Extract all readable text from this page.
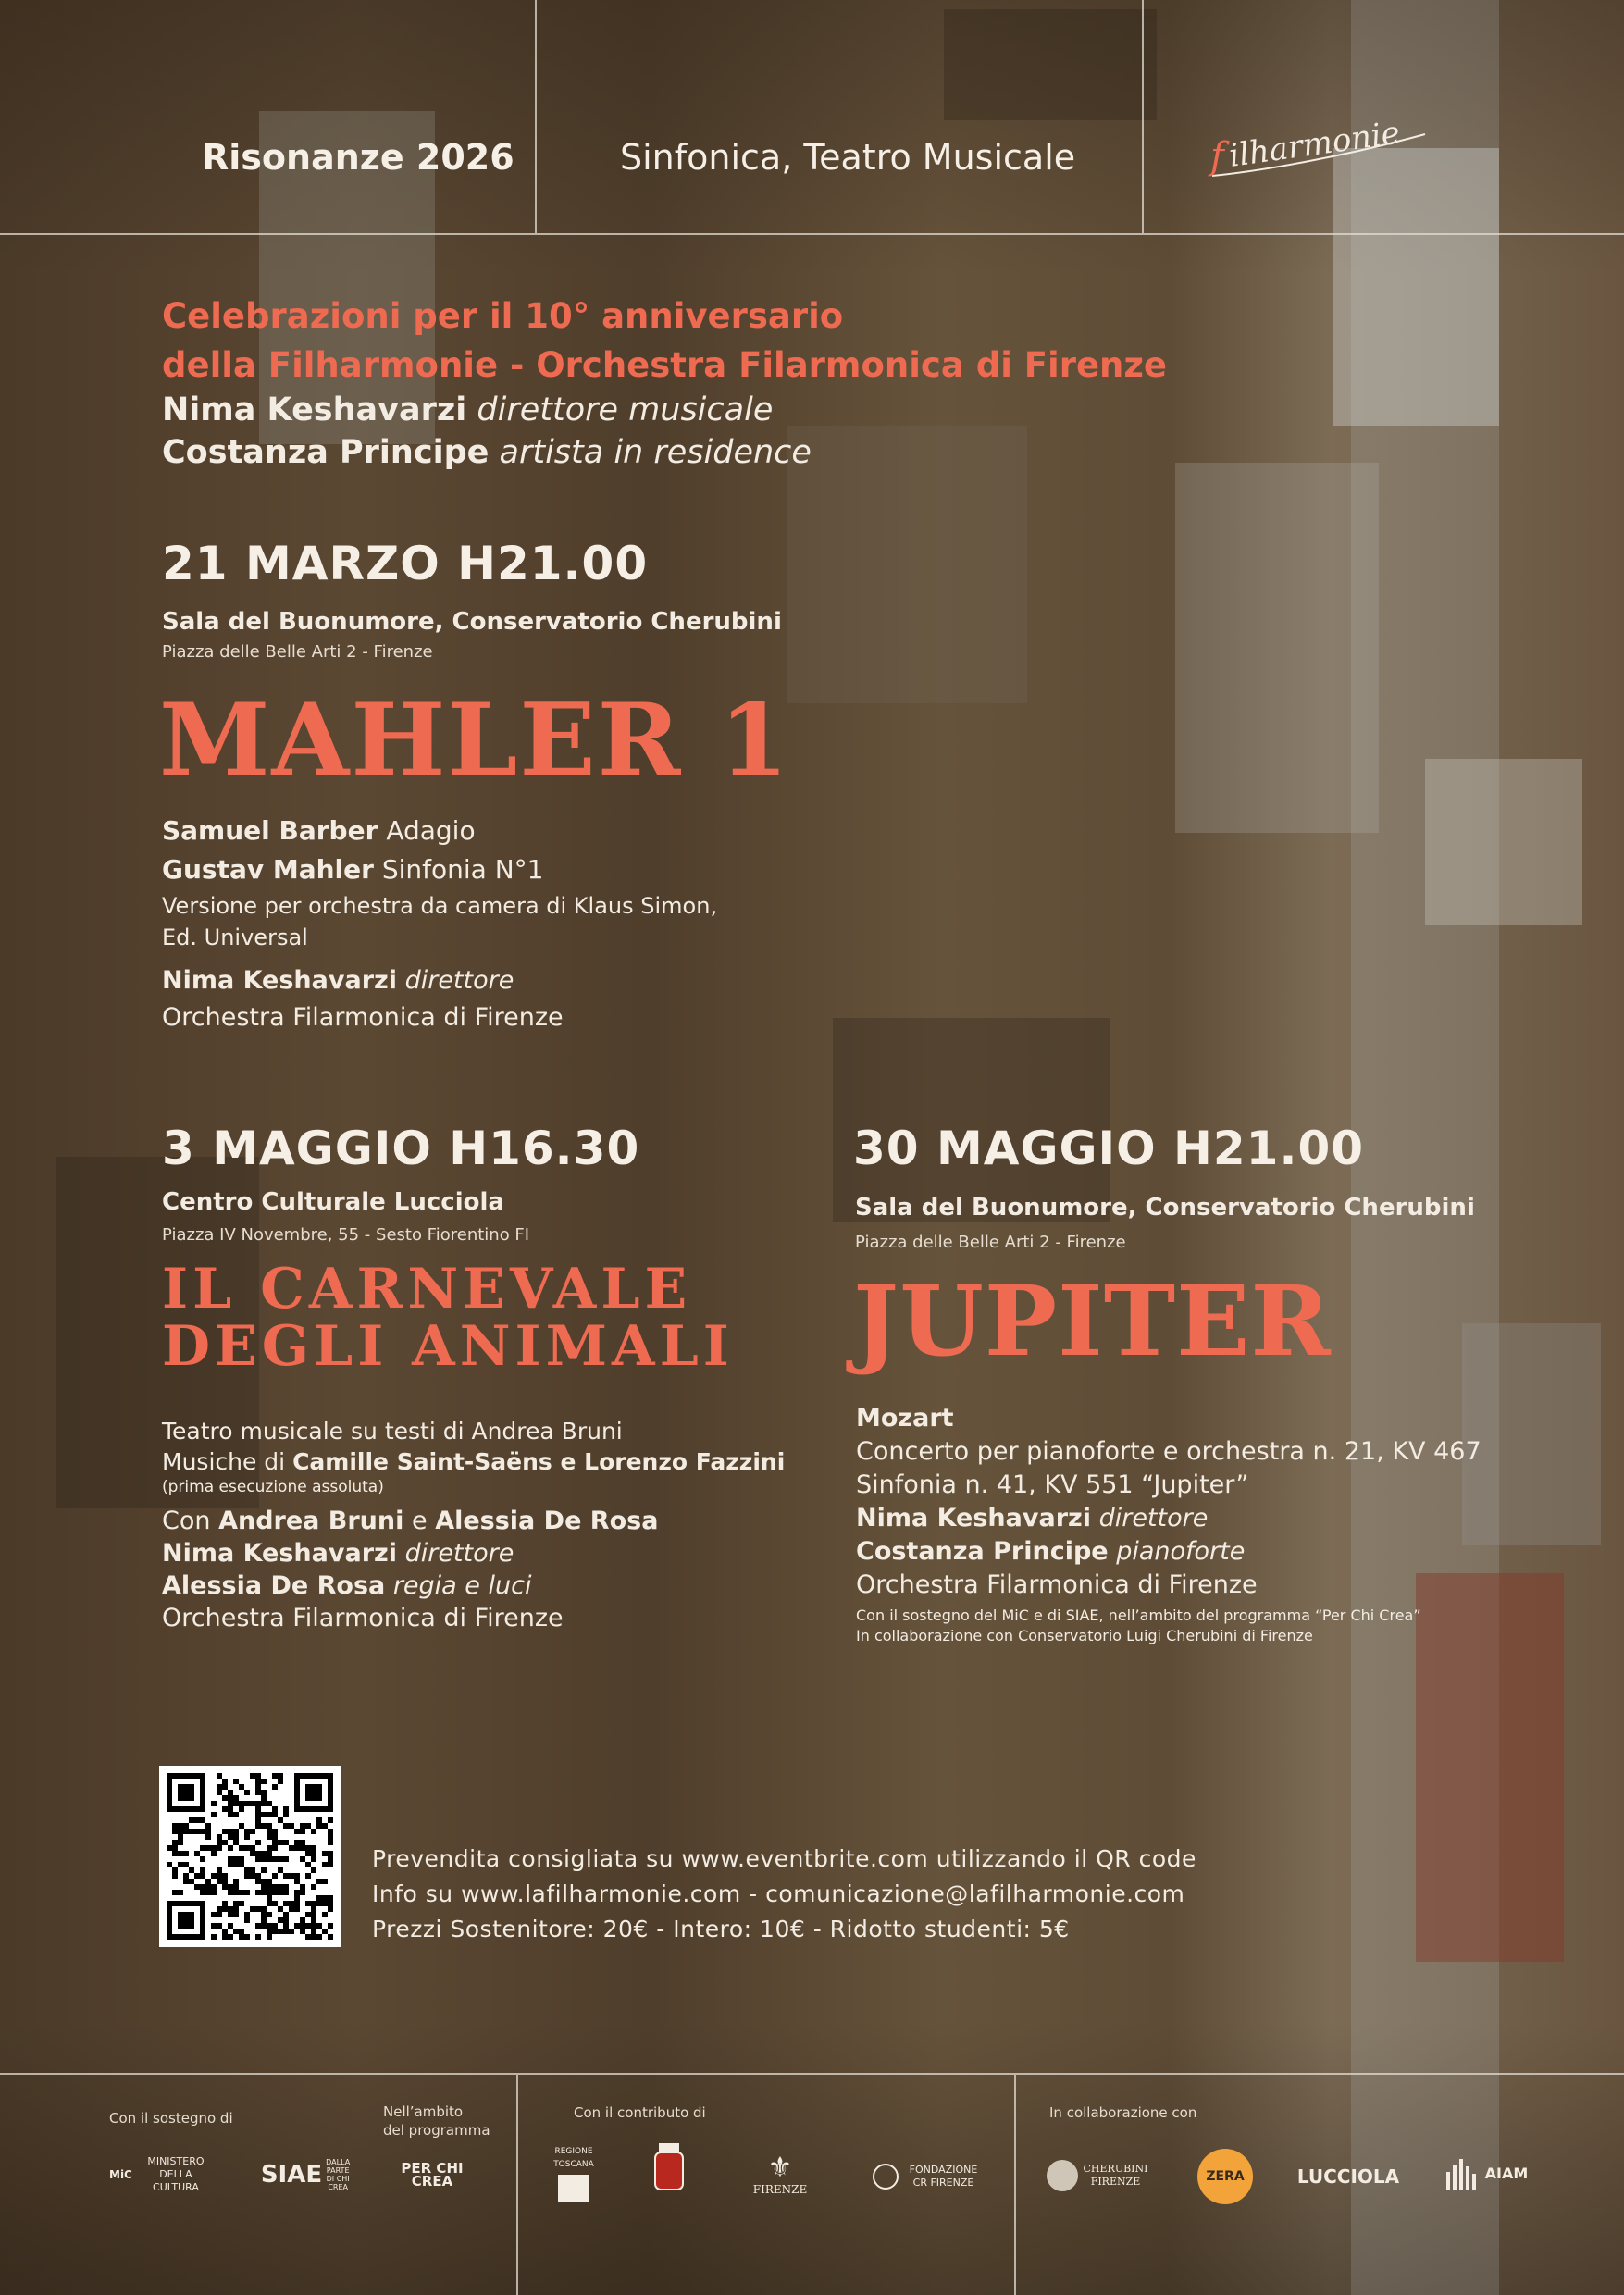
Risonanze 2026	Sinfonica, Teatro Musicale	f ilharmonie
Celebrazioni per il 10° anniversario
della Filharmonie - Orchestra Filarmonica di Firenze
Nima Keshavarzi direttore musicale
Costanza Principe artista in residence
21 MARZO H21.00
Sala del Buonumore, Conservatorio Cherubini
Piazza delle Belle Arti 2 - Firenze
MAHLER 1
Samuel Barber Adagio
Gustav Mahler Sinfonia N°1
Versione per orchestra da camera di Klaus Simon,
Ed. Universal
Nima Keshavarzi direttore
Orchestra Filarmonica di Firenze
3 MAGGIO H16.30
Centro Culturale Lucciola
Piazza IV Novembre, 55 - Sesto Fiorentino FI
IL CARNEVALE
DEGLI ANIMALI
Teatro musicale su testi di Andrea Bruni
Musiche di Camille Saint-Saëns e Lorenzo Fazzini
(prima esecuzione assoluta)
Con Andrea Bruni e Alessia De Rosa
Nima Keshavarzi direttore
Alessia De Rosa regia e luci
Orchestra Filarmonica di Firenze
30 MAGGIO H21.00
Sala del Buonumore, Conservatorio Cherubini
Piazza delle Belle Arti 2 - Firenze
JUPITER
Mozart
Concerto per pianoforte e orchestra n. 21, KV 467
Sinfonia n. 41, KV 551 “Jupiter”
Nima Keshavarzi direttore
Costanza Principe pianoforte
Orchestra Filarmonica di Firenze
Con il sostegno del MiC e di SIAE, nell’ambito del programma “Per Chi Crea”
In collaborazione con Conservatorio Luigi Cherubini di Firenze
Prevendita consigliata su www.eventbrite.com utilizzando il QR code
Info su www.lafilharmonie.com - comunicazione@lafilharmonie.com
Prezzi Sostenitore: 20€ - Intero: 10€ - Ridotto studenti: 5€
Con il sostegno di	Nell’ambito
del programma
Con il contributo di	In collaborazione con
MiC
MINISTERO DELLA CULTURA	SIAE DALLA PARTE DI CHI CREA
PER CHI CREA
REGIONE TOSCANA	⚜
FIRENZE
FONDAZIONE CR FIRENZE
CHERUBINI FIRENZE	ZERA	LUCCIOLA	AIAM
